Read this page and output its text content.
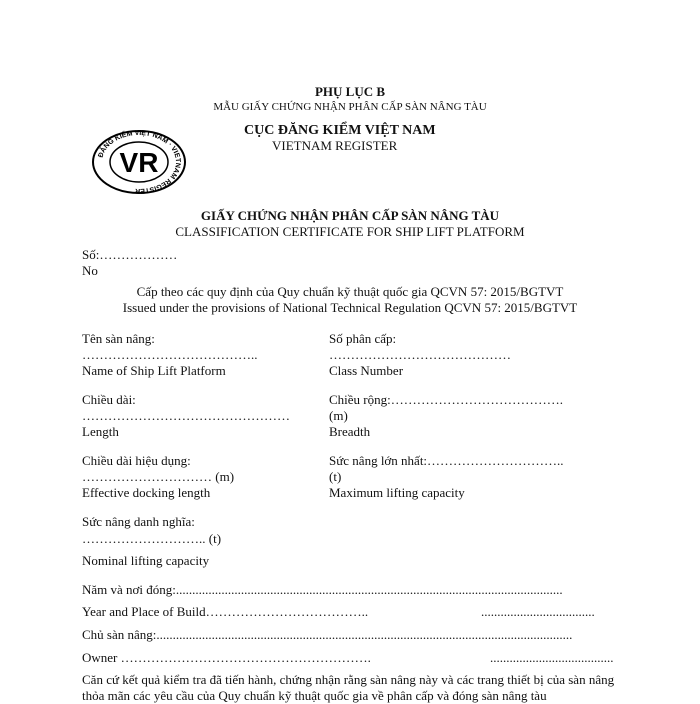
PHỤ LỤC B
MẪU GIẤY CHỨNG NHẬN PHÂN CẤP SÀN NÂNG TÀU
ĐĂNG KIỂM VIỆT NAM · VIETNAM REGISTER
VR
CỤC ĐĂNG KIỂM VIỆT NAM
VIETNAM REGISTER
GIẤY CHỨNG NHẬN PHÂN CẤP SÀN NÂNG TÀU
CLASSIFICATION CERTIFICATE FOR SHIP LIFT PLATFORM
Số:………………
No
Cấp theo các quy định của Quy chuẩn kỹ thuật quốc gia QCVN 57: 2015/BGTVT
Issued under the provisions of National Technical Regulation QCVN 57: 2015/BGTVT
Tên sàn nâng:
…………………………………..
Name of Ship Lift Platform
Số phân cấp:
……………………………………
Class Number
Chiều dài:
…………………………………………
Length
Chiều rộng:………………………………….
(m)
Breadth
Chiều dài hiệu dụng:
………………………… (m)
Effective docking length
Sức nâng lớn nhất:…………………………..
(t)
Maximum lifting capacity
Sức nâng danh nghĩa:
……………………….. (t)
Nominal lifting capacity
Năm và nơi đóng:.......................................................................................................................
Year and Place of Build………………………………..	...................................
Chủ sàn nâng:................................................................................................................................
Owner ………………………………………………….	......................................
Căn cứ kết quả kiểm tra đã tiến hành, chứng nhận rằng sàn nâng này và các trang thiết bị của sàn nâng thỏa mãn các yêu cầu của Quy chuẩn kỹ thuật quốc gia về phân cấp và đóng sàn nâng tàu
